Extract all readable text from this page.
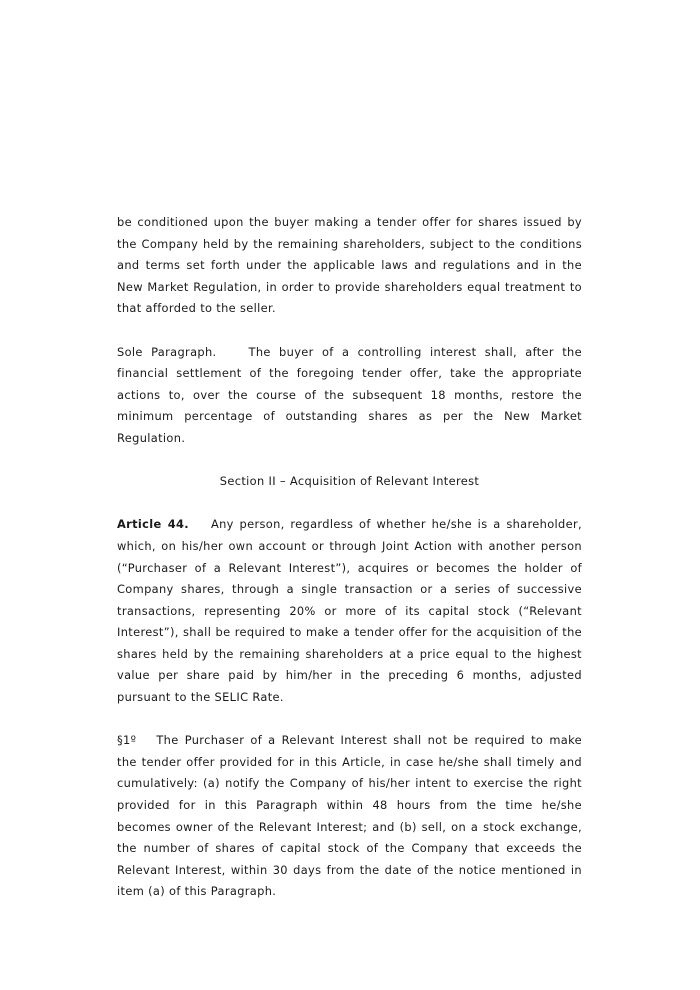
be conditioned upon the buyer making a tender offer for shares issued by the Company held by the remaining shareholders, subject to the conditions and terms set forth under the applicable laws and regulations and in the New Market Regulation, in order to provide shareholders equal treatment to that afforded to the seller.

Sole Paragraph.	The buyer of a controlling interest shall, after the financial settlement of the foregoing tender offer, take the appropriate actions to, over the course of the subsequent 18 months, restore the minimum percentage of outstanding shares as per the New Market Regulation.

Section II – Acquisition of Relevant Interest

Article 44. Any person, regardless of whether he/she is a shareholder, which, on his/her own account or through Joint Action with another person (“Purchaser of a Relevant Interest”), acquires or becomes the holder of Company shares, through a single transaction or a series of successive transactions, representing 20% or more of its capital stock (“Relevant Interest”), shall be required to make a tender offer for the acquisition of the shares held by the remaining shareholders at a price equal to the highest value per share paid by him/her in the preceding 6 months, adjusted pursuant to the SELIC Rate.

§1º The Purchaser of a Relevant Interest shall not be required to make the tender offer provided for in this Article, in case he/she shall timely and cumulatively: (a) notify the Company of his/her intent to exercise the right provided for in this Paragraph within 48 hours from the time he/she becomes owner of the Relevant Interest; and (b) sell, on a stock exchange, the number of shares of capital stock of the Company that exceeds the Relevant Interest, within 30 days from the date of the notice mentioned in item (a) of this Paragraph.
